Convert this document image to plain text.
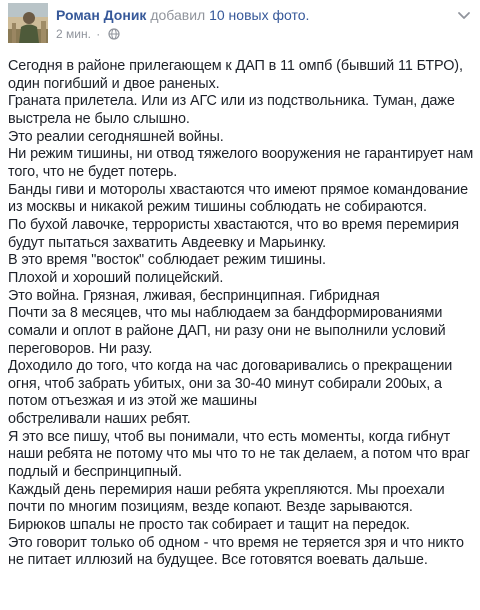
Роман Доник добавил 10 новых фото.
2 мин. ·

Сегодня в районе прилегающем к ДАП в 11 омпб (бывший 11 БТРО), один погибший и двое раненых.

Граната прилетела. Или из АГС или из подствольника. Туман, даже выстрела не было слышно.

Это реалии сегодняшней войны.

Ни режим тишины, ни отвод тяжелого вооружения не гарантирует нам того, что не будет потерь.

Банды гиви и моторолы хвастаются что имеют прямое командование из москвы и никакой режим тишины соблюдать не собираются.

По бухой лавочке, террористы хвастаются, что во время перемирия будут пытаться захватить Авдеевку и Марьинку.

В это время "восток" соблюдает режим тишины.

Плохой и хороший полицейский.

Это война. Грязная, лживая, беспринципная. Гибридная

Почти за 8 месяцев, что мы наблюдаем за бандформированиями сомали и оплот в районе ДАП, ни разу они не выполнили условий переговоров. Ни разу.

Доходило до того, что когда на час договаривались о прекращении огня, чтоб забрать убитых, они за 30-40 минут собирали 200ых, а потом отъезжая и из этой же машины

обстреливали наших ребят.

Я это все пишу, чтоб вы понимали, что есть моменты, когда гибнут наши ребята не потому что мы что то не так делаем, а потом что враг подлый и беспринципный.

Каждый день перемирия наши ребята укрепляются. Мы проехали почти по многим позициям, везде копают. Везде зарываются.

Бирюков шпалы не просто так собирает и тащит на передок.

Это говорит только об одном - что время не теряется зря и что никто не питает иллюзий на будущее. Все готовятся воевать дальше.
